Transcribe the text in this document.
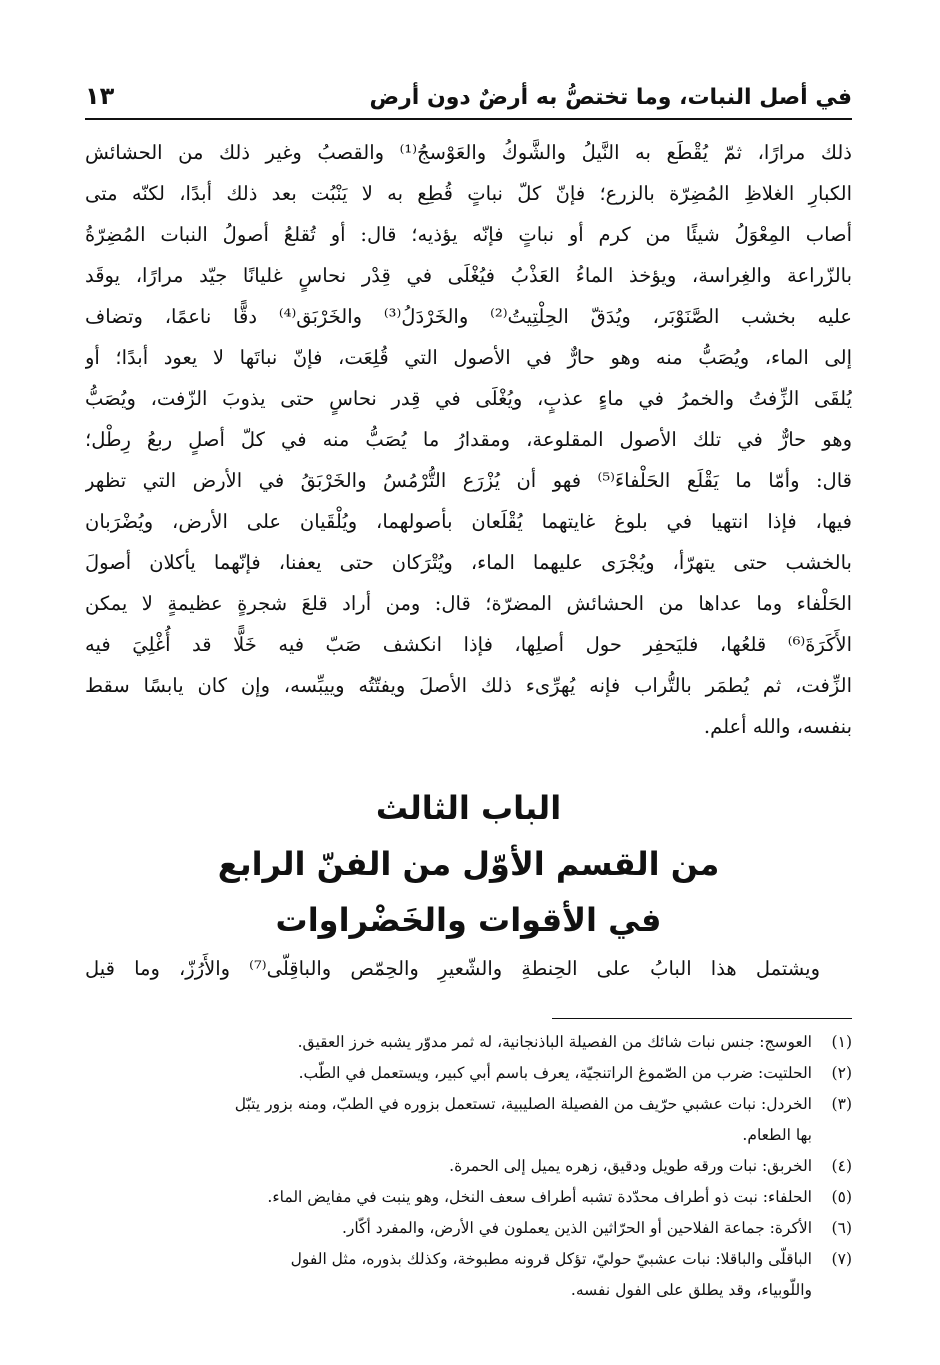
في أصل النبات، وما تختصُّ به أرضٌ دون أرض
١٣
ذلك مرارًا، ثمّ يُقْطَع به النَّيلُ والشَّوكُ والعَوْسجُ⁽¹⁾ والقصبُ وغير ذلك من الحشائش
الكبارِ الغلاظِ المُضِرّة بالزرع؛ فإنّ كلّ نباتٍ قُطِع به لا يَنْبُت بعد ذلك أبدًا، لكنّه متى
أصاب المِعْوَلُ شيئًا من كرم أو نباتٍ فإنّه يؤذيه؛ قال: أو تُقلعُ أصولُ النبات المُضِرّةُ
بالزّراعة والغِراسة، ويؤخذ الماءُ العَذْبُ فيُغْلَى في قِدْر نحاسٍ غليانًا جيّد مرارًا، يوقَد
عليه بخشب الصَّنَوْبَر، ويُدَقّ الحِلْتِيتُ⁽²⁾ والخَرْدَلُ⁽³⁾ والخَرْبَق⁽⁴⁾ دقًّا ناعمًا، وتضاف
إلى الماء، ويُصَبُّ منه وهو حارٌّ في الأصول التي قُلِعَت، فإنّ نباتَها لا يعود أبدًا؛ أو
يُلقَى الزِّفتُ والخمرُ في ماءٍ عذبٍ، ويُغْلَى في قِدر نحاسٍ حتى يذوبَ الزّفت، ويُصَبُّ
وهو حارٌّ في تلك الأصول المقلوعة، ومقدارُ ما يُصَبُّ منه في كلّ أصلٍ ربعُ رِطْل؛
قال: وأمّا ما يَقْلَع الحَلْفاءَ⁽⁵⁾ فهو أن يُزْرَع التُّرْمُسُ والخَرْبَقُ في الأرض التي تظهر
فيها، فإذا انتهيا في بلوغ غايتهما يُقْلَعان بأصولهما، ويُلْقَيان على الأرض، ويُضْرَبان
بالخشب حتى يتهرّأ، ويُجْرَى عليهما الماء، ويُتْرَكان حتى يعفنا، فإنّهما يأكلان أصولَ
الحَلْفاء وما عداها من الحشائش المضرّة؛ قال: ومن أراد قلعَ شجرةٍ عظيمةٍ لا يمكن
الأَكَرَةَ⁽⁶⁾ قلعُها، فليَحفِر حول أصلِها، فإذا انكشف صَبّ فيه خَلًّا قد أُغْلِيَ فيه
الزِّفت، ثم يُطمَر بالتُّراب فإنه يُهرِّىء ذلك الأصلَ ويفتّتُه وييبِّسه، وإن كان يابسًا سقط
بنفسه، والله أعلم.
الباب الثالث
من القسم الأوّل من الفنّ الرابع
في الأقوات والخَضْراوات
ويشتمل هذا البابُ على الحِنطةِ والشّعيرِ والحِمّص والباقِلّى⁽⁷⁾ والأَرُزّ، وما قيل
(١)
العوسج: جنس نبات شائك من الفصيلة الباذنجانية، له ثمر مدوّر يشبه خرز العقيق.
(٢)
الحلتيت: ضرب من الصّموغ الراتنجيّة، يعرف باسم أبي كبير، ويستعمل في الطّب.
(٣)
الخردل: نبات عشبي حرّيف من الفصيلة الصليبية، تستعمل بزوره في الطبّ، ومنه بزور يتبّل
بها الطعام.
(٤)
الخربق: نبات ورقه طويل ودقيق، زهره يميل إلى الحمرة.
(٥)
الحلفاء: نبت ذو أطراف محدّدة تشبه أطراف سعف النخل، وهو ينبت في مفايض الماء.
(٦)
الأكرة: جماعة الفلاحين أو الحرّاثين الذين يعملون في الأرض، والمفرد أكّار.
(٧)
الباقلّى والباقلا: نبات عشبيّ حوليّ، تؤكل قرونه مطبوخة، وكذلك بذوره، مثل الفول
واللّوبياء، وقد يطلق على الفول نفسه.
